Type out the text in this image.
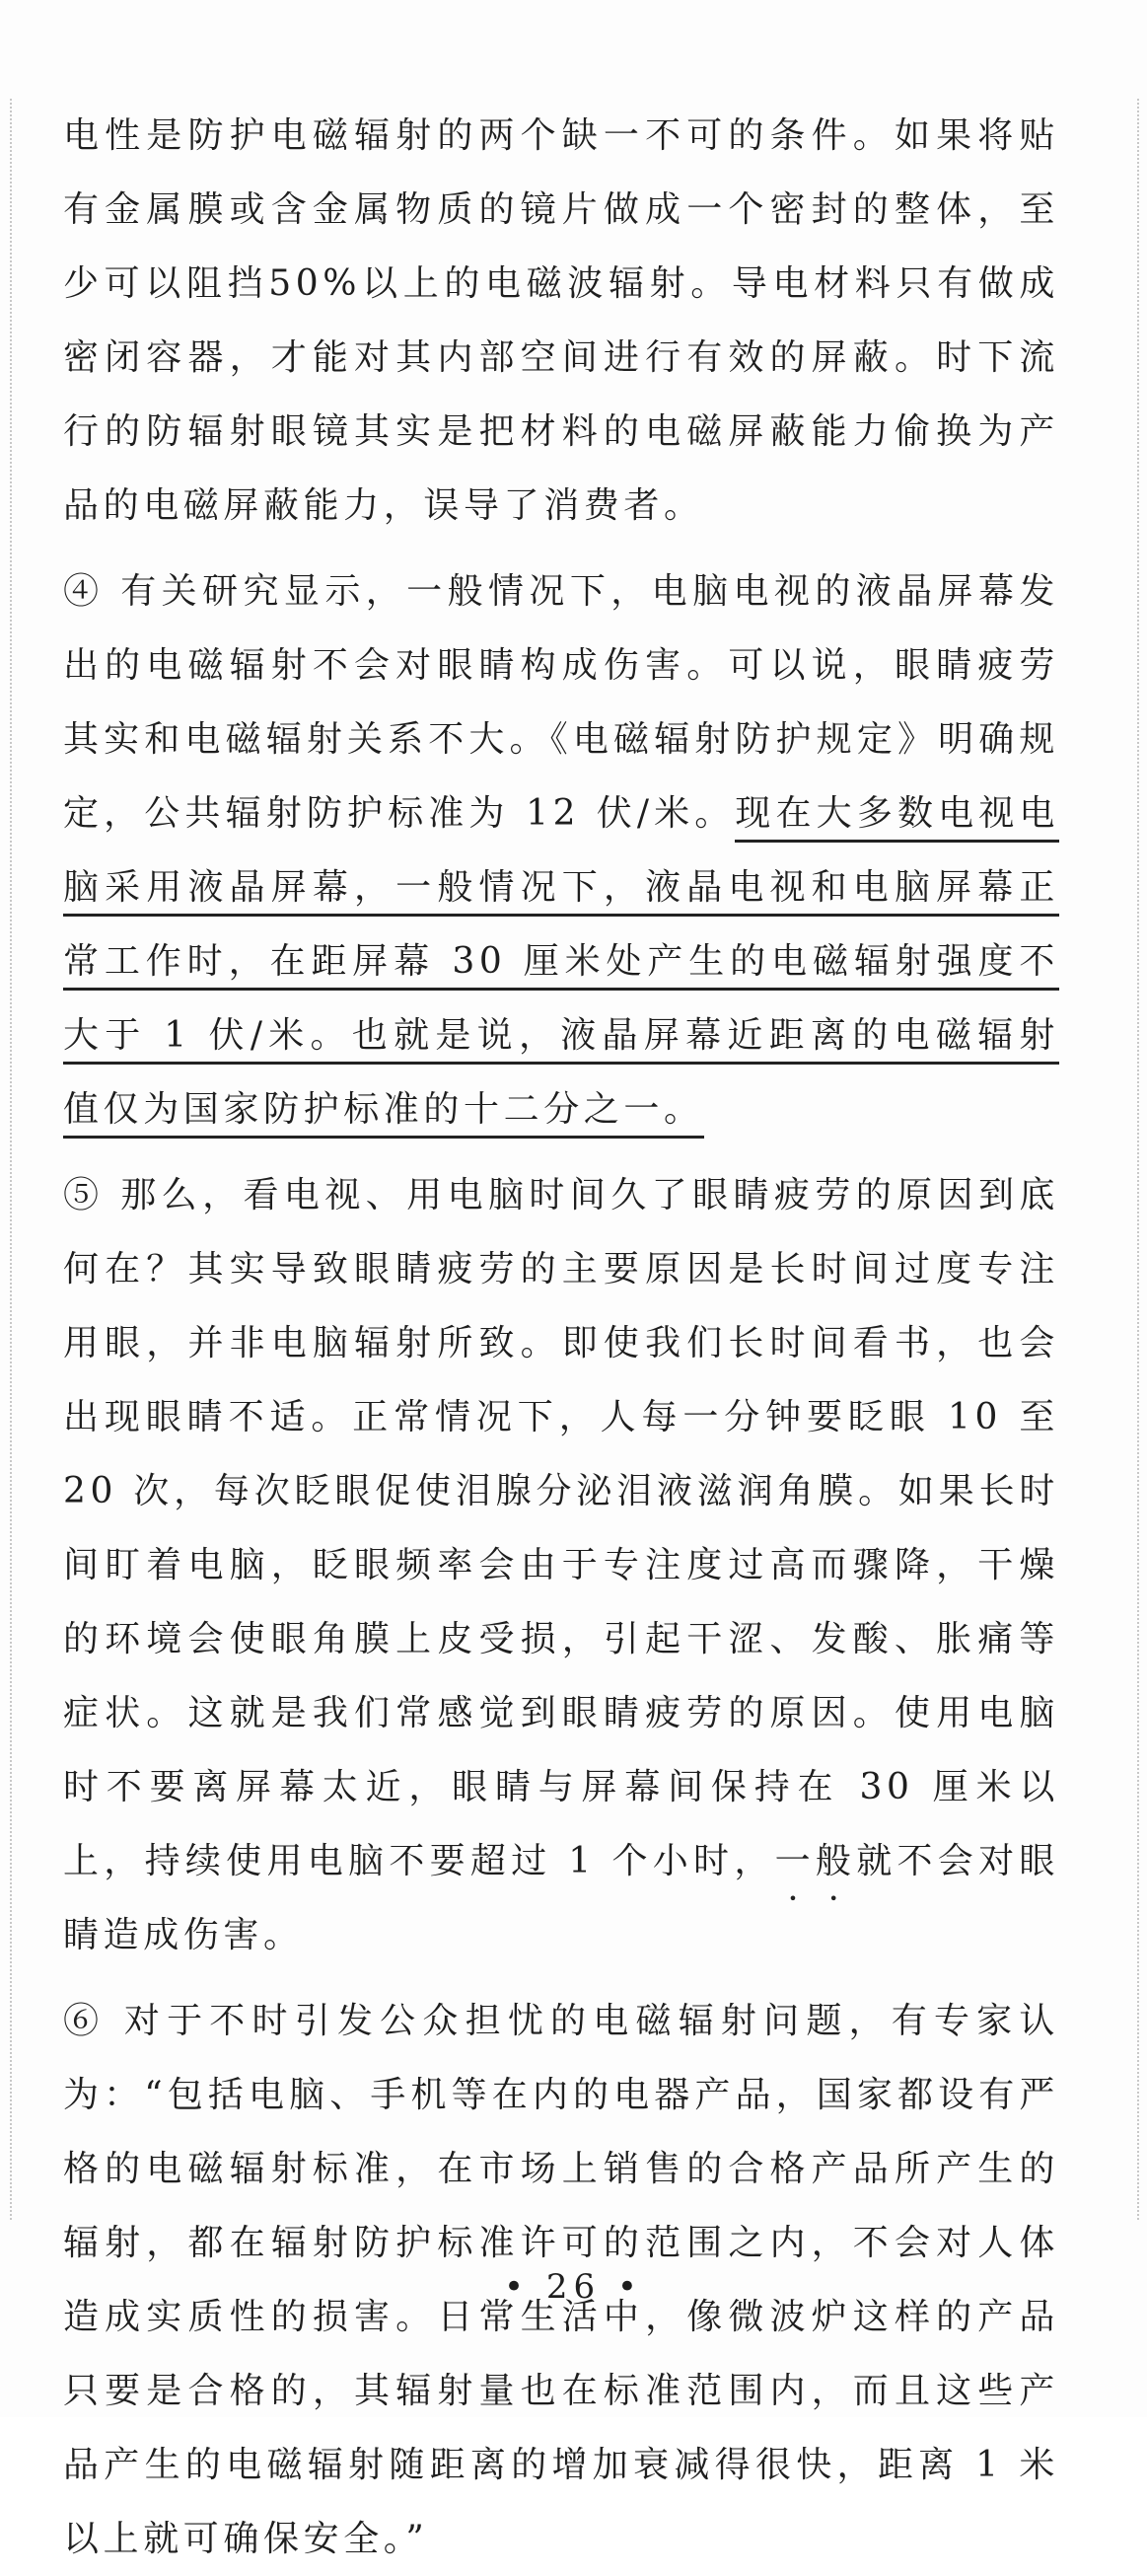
电性是防护电磁辐射的两个缺一不可的条件。如果将贴有金属膜或含金属物质的镜片做成一个密封的整体，至少可以阻挡50%以上的电磁波辐射。导电材料只有做成密闭容器，才能对其内部空间进行有效的屏蔽。时下流行的防辐射眼镜其实是把材料的电磁屏蔽能力偷换为产品的电磁屏蔽能力，误导了消费者。

④ 有关研究显示，一般情况下，电脑电视的液晶屏幕发出的电磁辐射不会对眼睛构成伤害。可以说，眼睛疲劳其实和电磁辐射关系不大。《电磁辐射防护规定》明确规定，公共辐射防护标准为 12 伏/米。现在大多数电视电脑采用液晶屏幕，一般情况下，液晶电视和电脑屏幕正常工作时，在距屏幕 30 厘米处产生的电磁辐射强度不大于 1 伏/米。也就是说，液晶屏幕近距离的电磁辐射值仅为国家防护标准的十二分之一。

⑤ 那么，看电视、用电脑时间久了眼睛疲劳的原因到底何在？其实导致眼睛疲劳的主要原因是长时间过度专注用眼，并非电脑辐射所致。即使我们长时间看书，也会出现眼睛不适。正常情况下，人每一分钟要眨眼 10 至 20 次，每次眨眼促使泪腺分泌泪液滋润角膜。如果长时间盯着电脑，眨眼频率会由于专注度过高而骤降，干燥的环境会使眼角膜上皮受损，引起干涩、发酸、胀痛等症状。这就是我们常感觉到眼睛疲劳的原因。使用电脑时不要离屏幕太近，眼睛与屏幕间保持在 30 厘米以上，持续使用电脑不要超过 1 个小时，一般就不会对眼睛造成伤害。

⑥ 对于不时引发公众担忧的电磁辐射问题，有专家认为：“包括电脑、手机等在内的电器产品，国家都设有严格的电磁辐射标准，在市场上销售的合格产品所产生的辐射，都在辐射防护标准许可的范围之内，不会对人体造成实质性的损害。日常生活中，像微波炉这样的产品只要是合格的，其辐射量也在标准范围内，而且这些产品产生的电磁辐射随距离的增加衰减得很快，距离 1 米以上就可确保安全。”

• 26 •
